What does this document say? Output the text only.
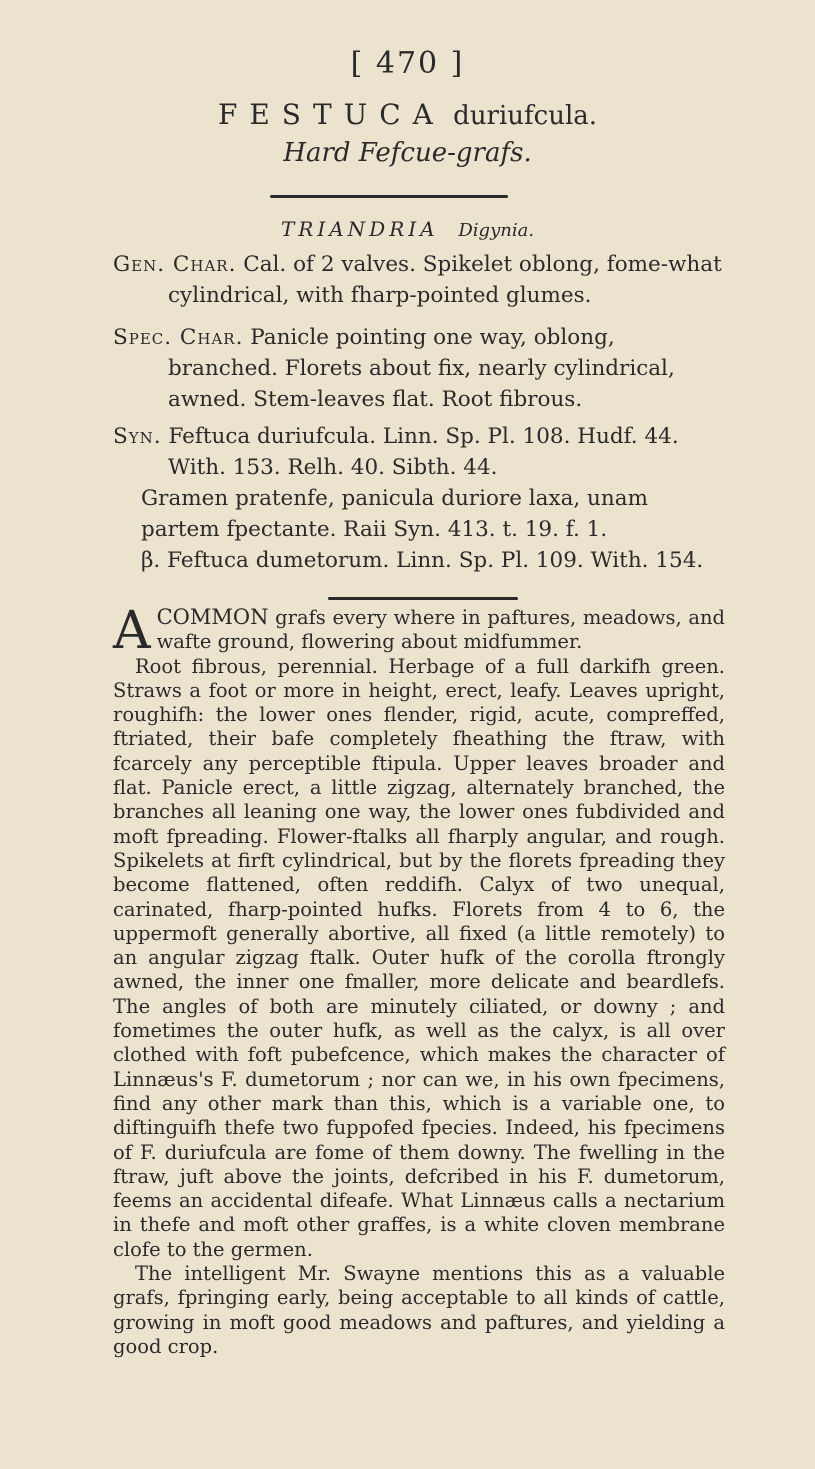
[ 470 ]
FESTUCA duriufcula.
Hard Fefcue-grafs.
TRIANDRIA Digynia.
Gen. Char. Cal. of 2 valves. Spikelet oblong, fome-what cylindrical, with fharp-pointed glumes.
Spec. Char. Panicle pointing one way, oblong, branched. Florets about fix, nearly cylindrical, awned. Stem-leaves flat. Root fibrous.
Syn. Feftuca duriufcula. Linn. Sp. Pl. 108. Hudf. 44. With. 153. Relh. 40. Sibth. 44.
Gramen pratenfe, panicula duriore laxa, unam partem fpectante. Raii Syn. 413. t. 19. f. 1.
β. Feftuca dumetorum. Linn. Sp. Pl. 109. With. 154.

A COMMON grafs every where in paftures, meadows, and wafte ground, flowering about midfummer.

Root fibrous, perennial. Herbage of a full darkifh green. Straws a foot or more in height, erect, leafy. Leaves upright, roughifh: the lower ones flender, rigid, acute, compreffed, ftriated, their bafe completely fheathing the ftraw, with fcarcely any perceptible ftipula. Upper leaves broader and flat. Panicle erect, a little zigzag, alternately branched, the branches all leaning one way, the lower ones fubdivided and moft fpreading. Flower-ftalks all fharply angular, and rough. Spikelets at firft cylindrical, but by the florets fpreading they become flattened, often reddifh. Calyx of two unequal, carinated, fharp-pointed hufks. Florets from 4 to 6, the uppermoft generally abortive, all fixed (a little remotely) to an angular zigzag ftalk. Outer hufk of the corolla ftrongly awned, the inner one fmaller, more delicate and beardlefs. The angles of both are minutely ciliated, or downy ; and fometimes the outer hufk, as well as the calyx, is all over clothed with foft pubefcence, which makes the character of Linnæus's F. dumetorum ; nor can we, in his own fpecimens, find any other mark than this, which is a variable one, to diftinguifh thefe two fuppofed fpecies. Indeed, his fpecimens of F. duriufcula are fome of them downy. The fwelling in the ftraw, juft above the joints, defcribed in his F. dumetorum, feems an accidental difeafe. What Linnæus calls a nectarium in thefe and moft other graffes, is a white cloven membrane clofe to the germen.

The intelligent Mr. Swayne mentions this as a valuable grafs, fpringing early, being acceptable to all kinds of cattle, growing in moft good meadows and paftures, and yielding a good crop.
